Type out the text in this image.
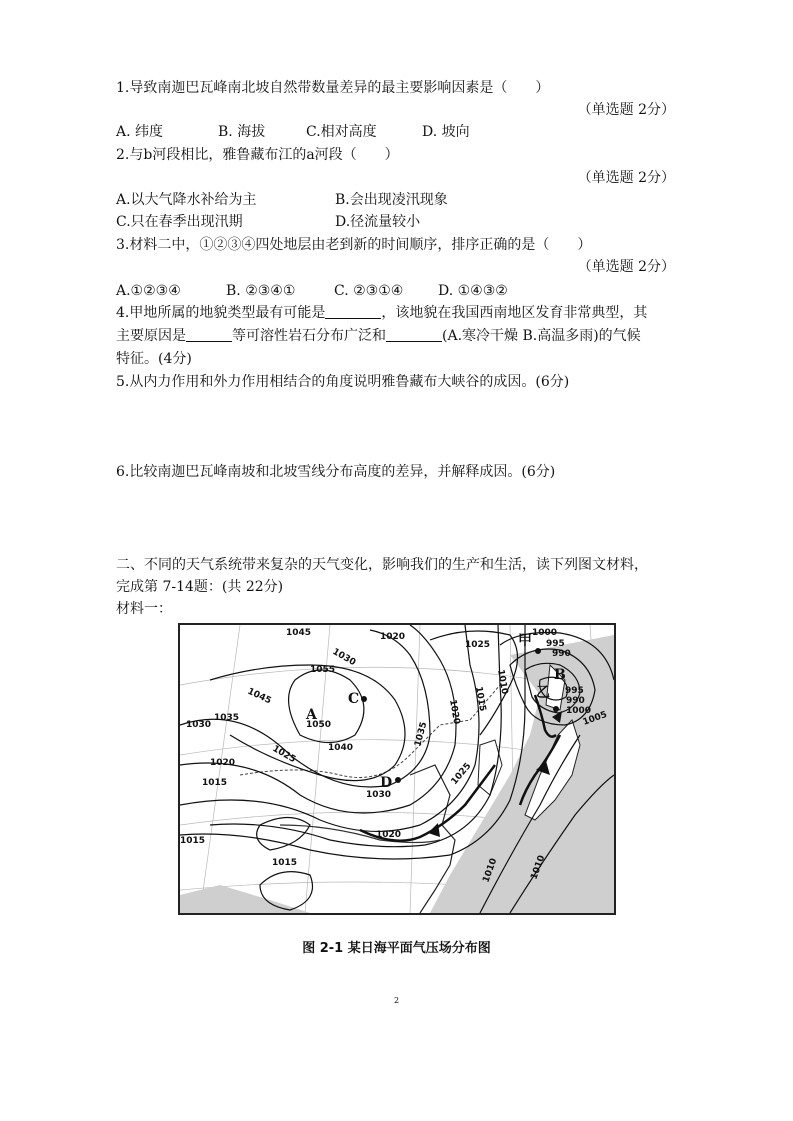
1.导致南迦巴瓦峰南北坡自然带数量差异的最主要影响因素是（　　）
（单选题 2分）
A. 纬度	B. 海拔	C.相对高度	D. 坡向
2.与b河段相比，雅鲁藏布江的a河段（　　）
（单选题 2分）
A.以大气降水补给为主	B.会出现凌汛现象
C.只在春季出现汛期	D.径流量较小
3.材料二中，①②③④四处地层由老到新的时间顺序，排序正确的是（　　）
（单选题 2分）
A.①②③④	B. ②③④①	C. ②③①④ D. ①④③②
4.甲地所属的地貌类型最有可能是	，该地貌在我国西南地区发育非常典型，其
主要原因是	等可溶性岩石分布广泛和	(A.寒冷干燥 B.高温多雨)的气候
特征。(4分)
5.从内力作用和外力作用相结合的角度说明雅鲁藏布大峡谷的成因。(6分)
6.比较南迦巴瓦峰南坡和北坡雪线分布高度的差异，并解释成因。(6分)
二、不同的天气系统带来复杂的天气变化，影响我们的生产和生活，读下列图文材料，
完成第 7-14题：(共 22分)
材料一：
1045
1030
1020
1025
1000
995
990
1055
C
1045
1050
1030
1035
1040
1025
1020
1015
1030
1020
1015
1015	1010	1010
1035
1025
1020 1015
1010	995
990
1000
1005
A
B
D
甲
乙
图 2-1 某日海平面气压场分布图
2
